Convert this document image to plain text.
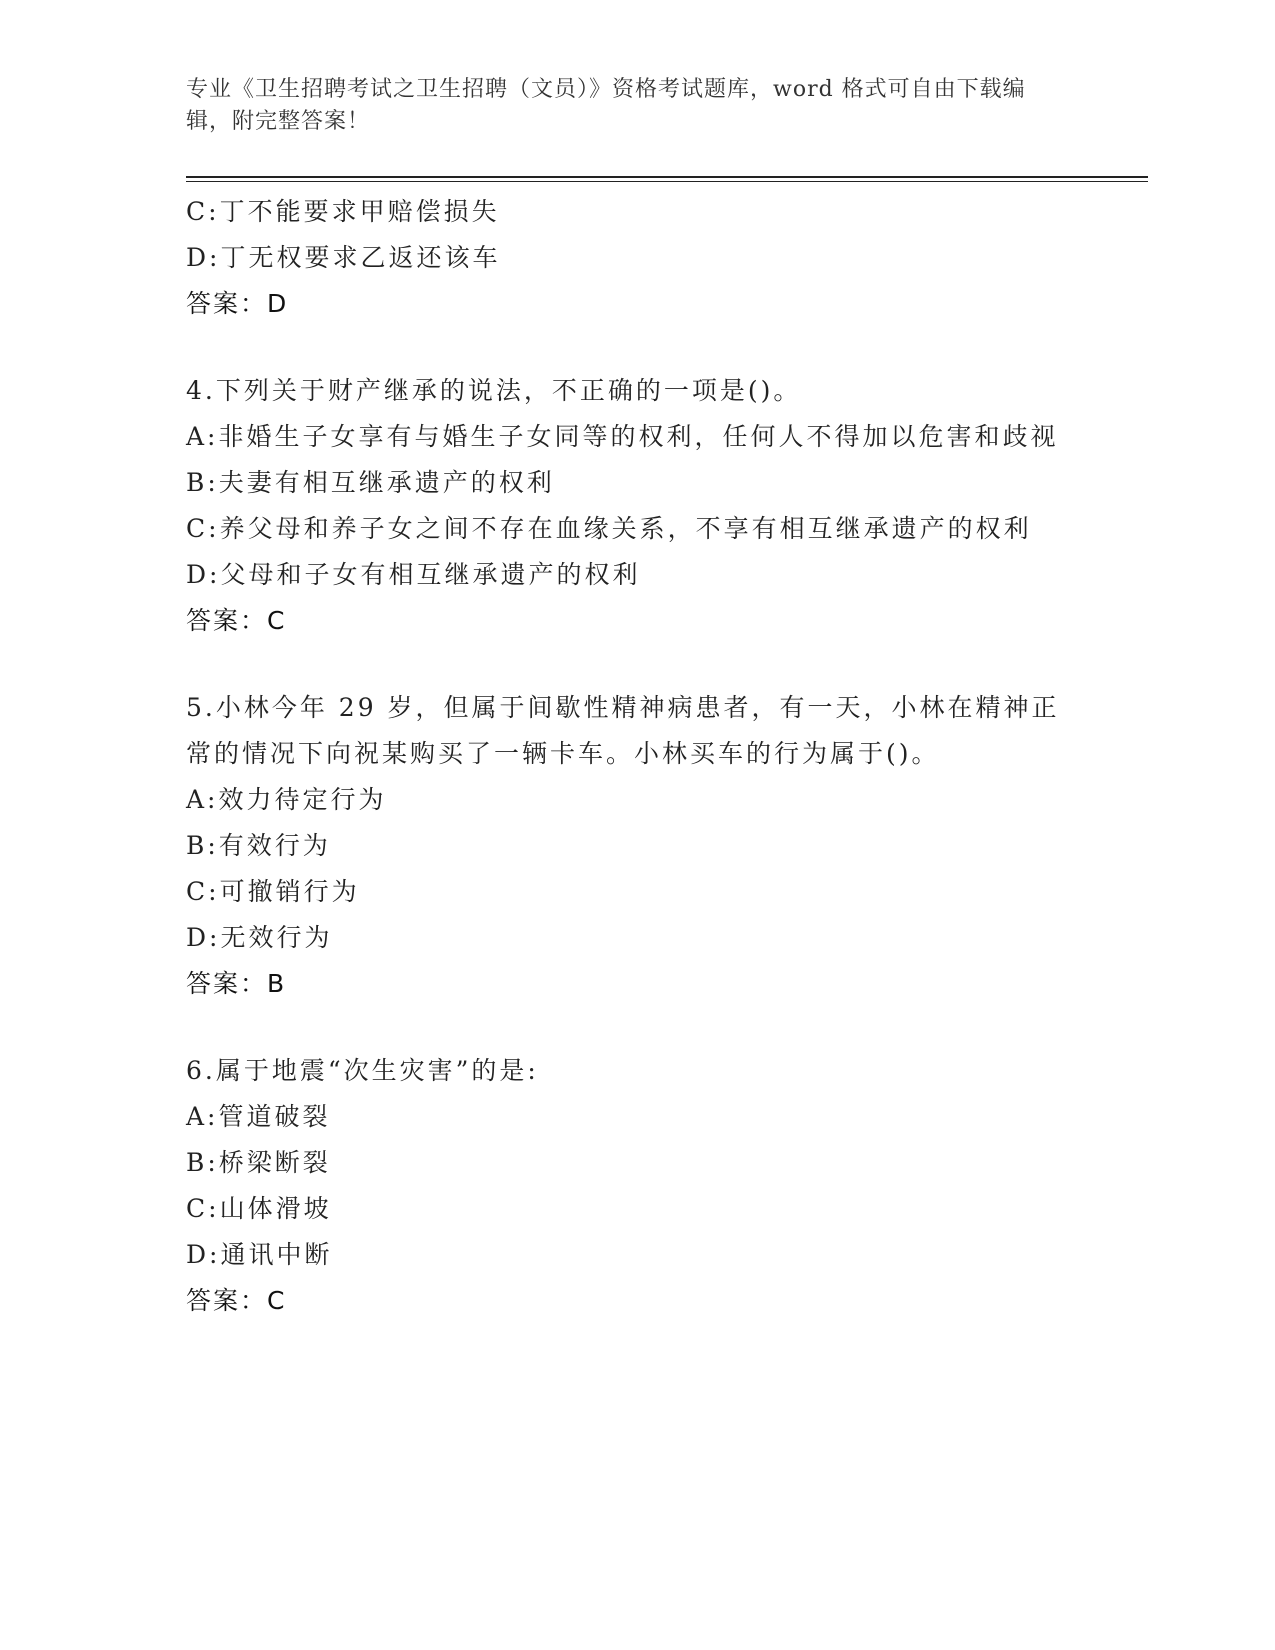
专业《卫生招聘考试之卫生招聘（文员）》资格考试题库，word 格式可自由下载编辑，附完整答案！
C: 丁不能要求甲赔偿损失
D: 丁无权要求乙返还该车
答案：D
4.下列关于财产继承的说法，不正确的一项是()。
A: 非婚生子女享有与婚生子女同等的权利，任何人不得加以危害和歧视
B: 夫妻有相互继承遗产的权利
C: 养父母和养子女之间不存在血缘关系，不享有相互继承遗产的权利
D: 父母和子女有相互继承遗产的权利
答案：C
5.小林今年 29 岁，但属于间歇性精神病患者，有一天，小林在精神正常的情况下向祝某购买了一辆卡车。小林买车的行为属于()。
A: 效力待定行为
B: 有效行为
C: 可撤销行为
D: 无效行为
答案：B
6.属于地震“次生灾害”的是:
A: 管道破裂
B: 桥梁断裂
C: 山体滑坡
D: 通讯中断
答案：C
